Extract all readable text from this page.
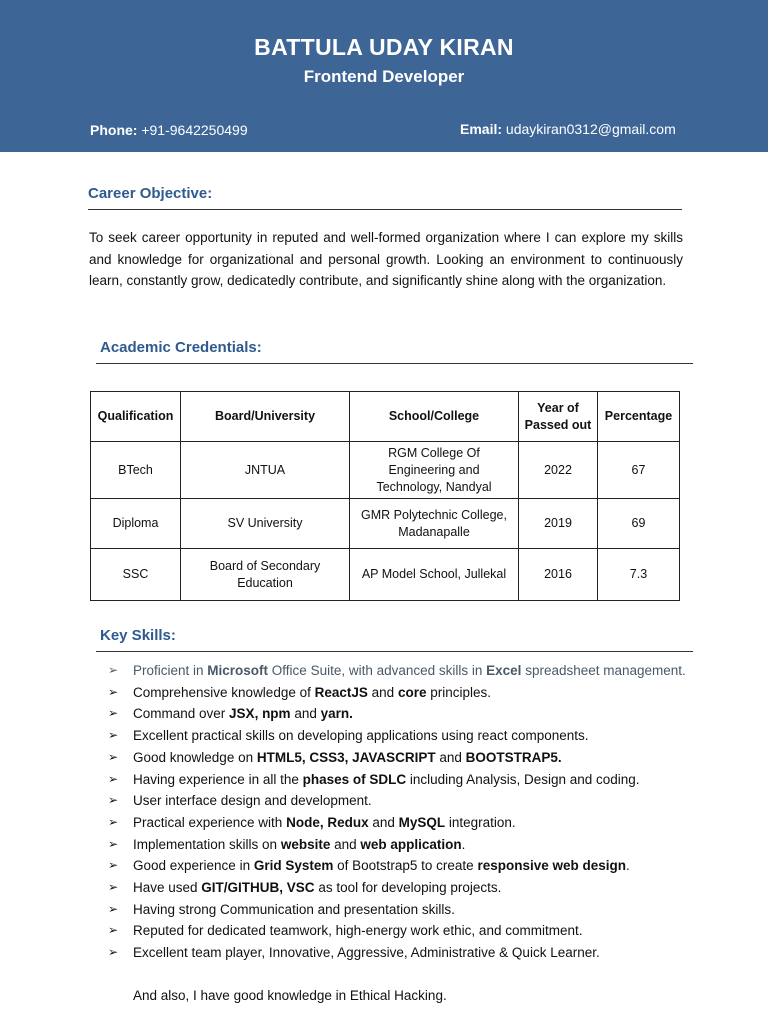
BATTULA UDAY KIRAN
Frontend Developer
Phone: +91-9642250499	Email: udaykiran0312@gmail.com
Career Objective:

To seek career opportunity in reputed and well-formed organization where I can explore my skills and knowledge for organizational and personal growth. Looking an environment to continuously learn, constantly grow, dedicatedly contribute, and significantly shine along with the organization.

Academic Credentials:
Qualification	Board/University	School/College	Year of Passed out	Percentage
BTech	JNTUA	RGM College Of Engineering and Technology, Nandyal	2022	67
Diploma	SV University	GMR Polytechnic College, Madanapalle	2019	69
SSC	Board of Secondary Education	AP Model School, Jullekal	2016	7.3
Key Skills:
➢ Proficient in Microsoft Office Suite, with advanced skills in Excel spreadsheet management.
➢ Comprehensive knowledge of ReactJS and core principles.
➢ Command over JSX, npm and yarn.
➢ Excellent practical skills on developing applications using react components.
➢ Good knowledge on HTML5, CSS3, JAVASCRIPT and BOOTSTRAP5.
➢ Having experience in all the phases of SDLC including Analysis, Design and coding.
➢ User interface design and development.
➢ Practical experience with Node, Redux and MySQL integration.
➢ Implementation skills on website and web application.
➢ Good experience in Grid System of Bootstrap5 to create responsive web design.
➢ Have used GIT/GITHUB, VSC as tool for developing projects.
➢ Having strong Communication and presentation skills.
➢ Reputed for dedicated teamwork, high-energy work ethic, and commitment.
➢ Excellent team player, Innovative, Aggressive, Administrative & Quick Learner.
And also, I have good knowledge in Ethical Hacking.
